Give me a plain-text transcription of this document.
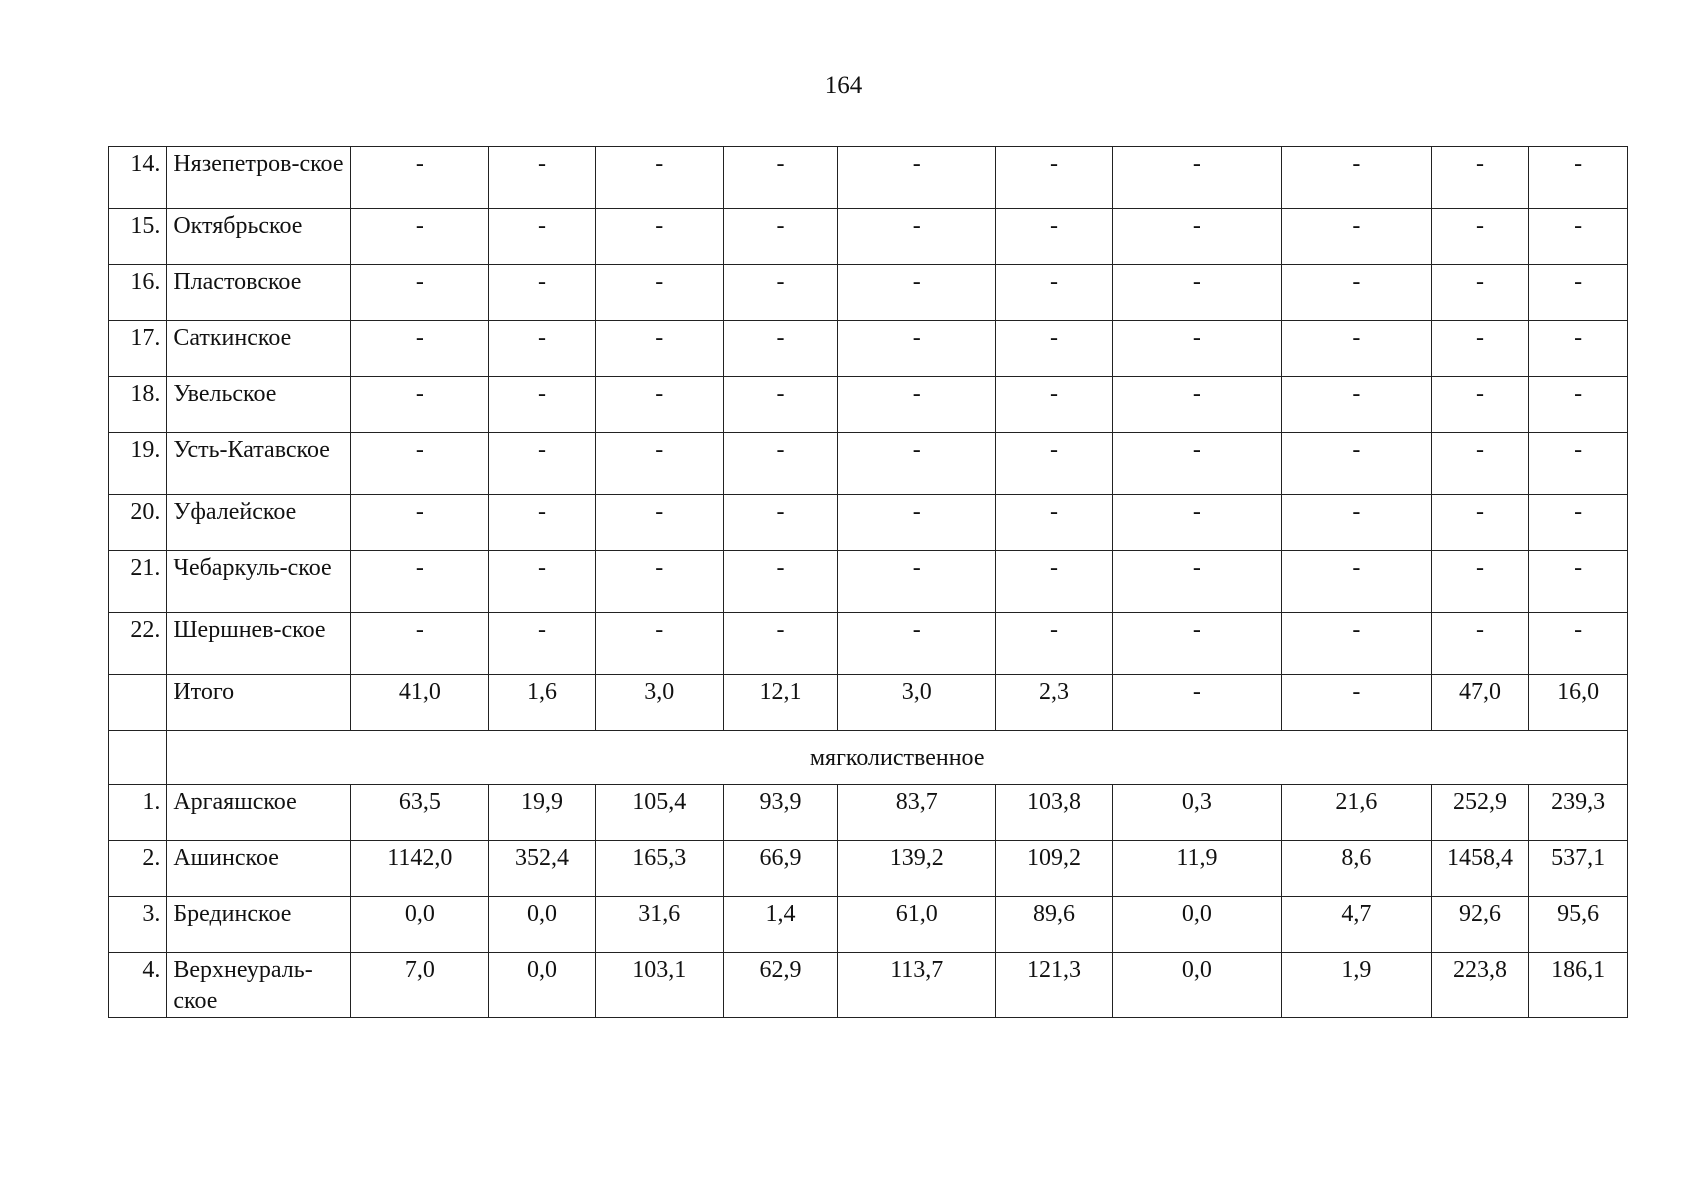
164
14.	Нязепетров-ское	-	-	-	-	-	-	-	-	-	-
15.	Октябрьское	-	-	-	-	-	-	-	-	-	-
16.	Пластовское	-	-	-	-	-	-	-	-	-	-
17.	Саткинское	-	-	-	-	-	-	-	-	-	-
18.	Увельское	-	-	-	-	-	-	-	-	-	-
19.	Усть-Катавское	-	-	-	-	-	-	-	-	-	-
20.	Уфалейское	-	-	-	-	-	-	-	-	-	-
21.	Чебаркуль-ское	-	-	-	-	-	-	-	-	-	-
22.	Шершнев-ское	-	-	-	-	-	-	-	-	-	-
	Итого	41,0	1,6	3,0	12,1	3,0	2,3	-	-	47,0	16,0
	мягколиственное										
1.	Аргаяшское	63,5	19,9	105,4	93,9	83,7	103,8	0,3	21,6	252,9	239,3
2.	Ашинское	1142,0	352,4	165,3	66,9	139,2	109,2	11,9	8,6	1458,4	537,1
3.	Брединское	0,0	0,0	31,6	1,4	61,0	89,6	0,0	4,7	92,6	95,6
4.	Верхнеураль-ское	7,0	0,0	103,1	62,9	113,7	121,3	0,0	1,9	223,8	186,1
